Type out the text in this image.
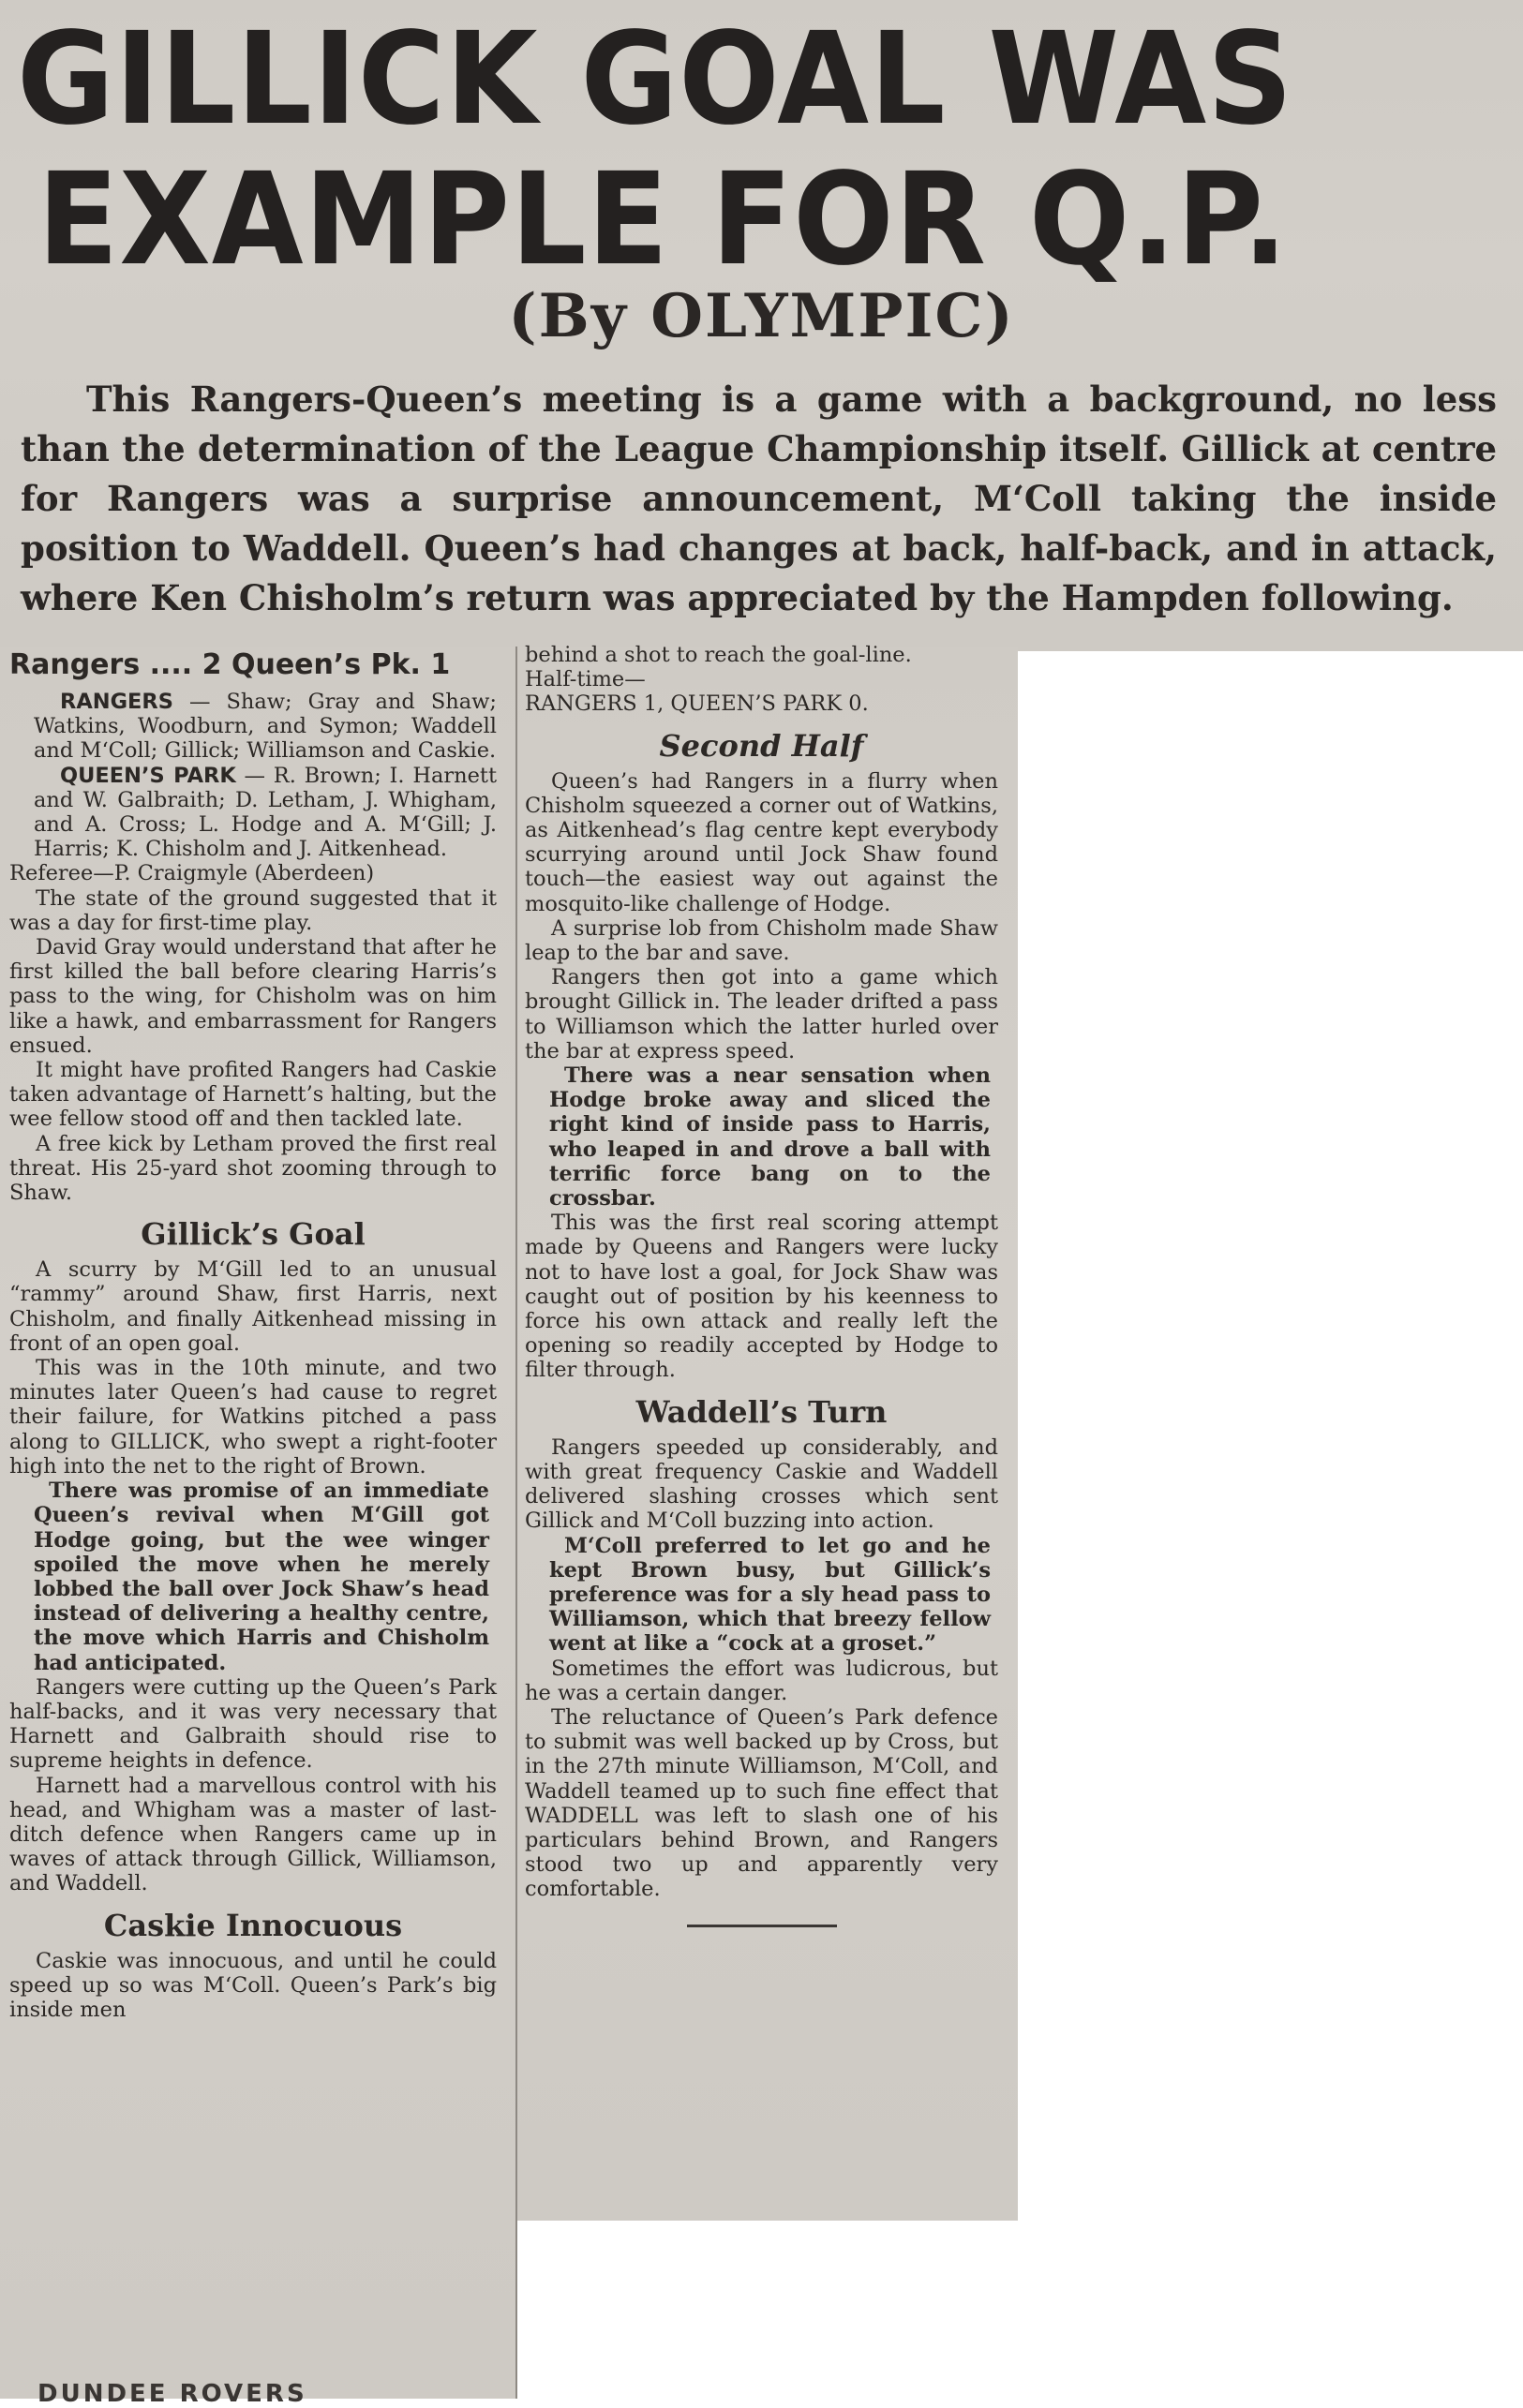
GILLICK GOAL WAS
EXAMPLE FOR Q.P.
(By OLYMPIC)

This Rangers-Queen’s meeting is a game with a background, no less than the determination of the League Championship itself. Gillick at centre for Rangers was a surprise announcement, M‘Coll taking the inside position to Waddell. Queen’s had changes at back, half-back, and in attack, where Ken Chisholm’s return was appreciated by the Hampden following.

Rangers .... 2 Queen’s Pk. 1

RANGERS — Shaw; Gray and Shaw; Watkins, Woodburn, and Symon; Waddell and M‘Coll; Gillick; Williamson and Caskie.

QUEEN’S PARK — R. Brown; I. Harnett and W. Galbraith; D. Letham, J. Whigham, and A. Cross; L. Hodge and A. M‘Gill; J. Harris; K. Chisholm and J. Aitkenhead.

Referee—P. Craigmyle (Aberdeen)

The state of the ground suggested that it was a day for first-time play.

David Gray would understand that after he first killed the ball before clearing Harris’s pass to the wing, for Chisholm was on him like a hawk, and embarrassment for Rangers ensued.

It might have profited Rangers had Caskie taken advantage of Harnett’s halting, but the wee fellow stood off and then tackled late.

A free kick by Letham proved the first real threat. His 25-yard shot zooming through to Shaw.

Gillick’s Goal

A scurry by M‘Gill led to an unusual “rammy” around Shaw, first Harris, next Chisholm, and finally Aitkenhead missing in front of an open goal.

This was in the 10th minute, and two minutes later Queen’s had cause to regret their failure, for Watkins pitched a pass along to GILLICK, who swept a right-footer high into the net to the right of Brown.

There was promise of an immediate Queen’s revival when M‘Gill got Hodge going, but the wee winger spoiled the move when he merely lobbed the ball over Jock Shaw’s head instead of delivering a healthy centre, the move which Harris and Chisholm had anticipated.

Rangers were cutting up the Queen’s Park half-backs, and it was very necessary that Harnett and Galbraith should rise to supreme heights in defence.

Harnett had a marvellous control with his head, and Whigham was a master of last-ditch defence when Rangers came up in waves of attack through Gillick, Williamson, and Waddell.

Caskie Innocuous

Caskie was innocuous, and until he could speed up so was M‘Coll. Queen’s Park’s big inside men

behind a shot to reach the goal-line.

Half-time—

RANGERS 1, QUEEN’S PARK 0.

Second Half

Queen’s had Rangers in a flurry when Chisholm squeezed a corner out of Watkins, as Aitkenhead’s flag centre kept everybody scurrying around until Jock Shaw found touch—the easiest way out against the mosquito-like challenge of Hodge.

A surprise lob from Chisholm made Shaw leap to the bar and save.

Rangers then got into a game which brought Gillick in. The leader drifted a pass to Williamson which the latter hurled over the bar at express speed.

There was a near sensation when Hodge broke away and sliced the right kind of inside pass to Harris, who leaped in and drove a ball with terrific force bang on to the crossbar.

This was the first real scoring attempt made by Queens and Rangers were lucky not to have lost a goal, for Jock Shaw was caught out of position by his keenness to force his own attack and really left the opening so readily accepted by Hodge to filter through.

Waddell’s Turn

Rangers speeded up considerably, and with great frequency Caskie and Waddell delivered slashing crosses which sent Gillick and M‘Coll buzzing into action.

M‘Coll preferred to let go and he kept Brown busy, but Gillick’s preference was for a sly head pass to Williamson, which that breezy fellow went at like a “cock at a groset.”

Sometimes the effort was ludicrous, but he was a certain danger.

The reluctance of Queen’s Park defence to submit was well backed up by Cross, but in the 27th minute Williamson, M‘Coll, and Waddell teamed up to such fine effect that WADDELL was left to slash one of his particulars behind Brown, and Rangers stood two up and apparently very comfortable.

DUNDEE ROVERS
